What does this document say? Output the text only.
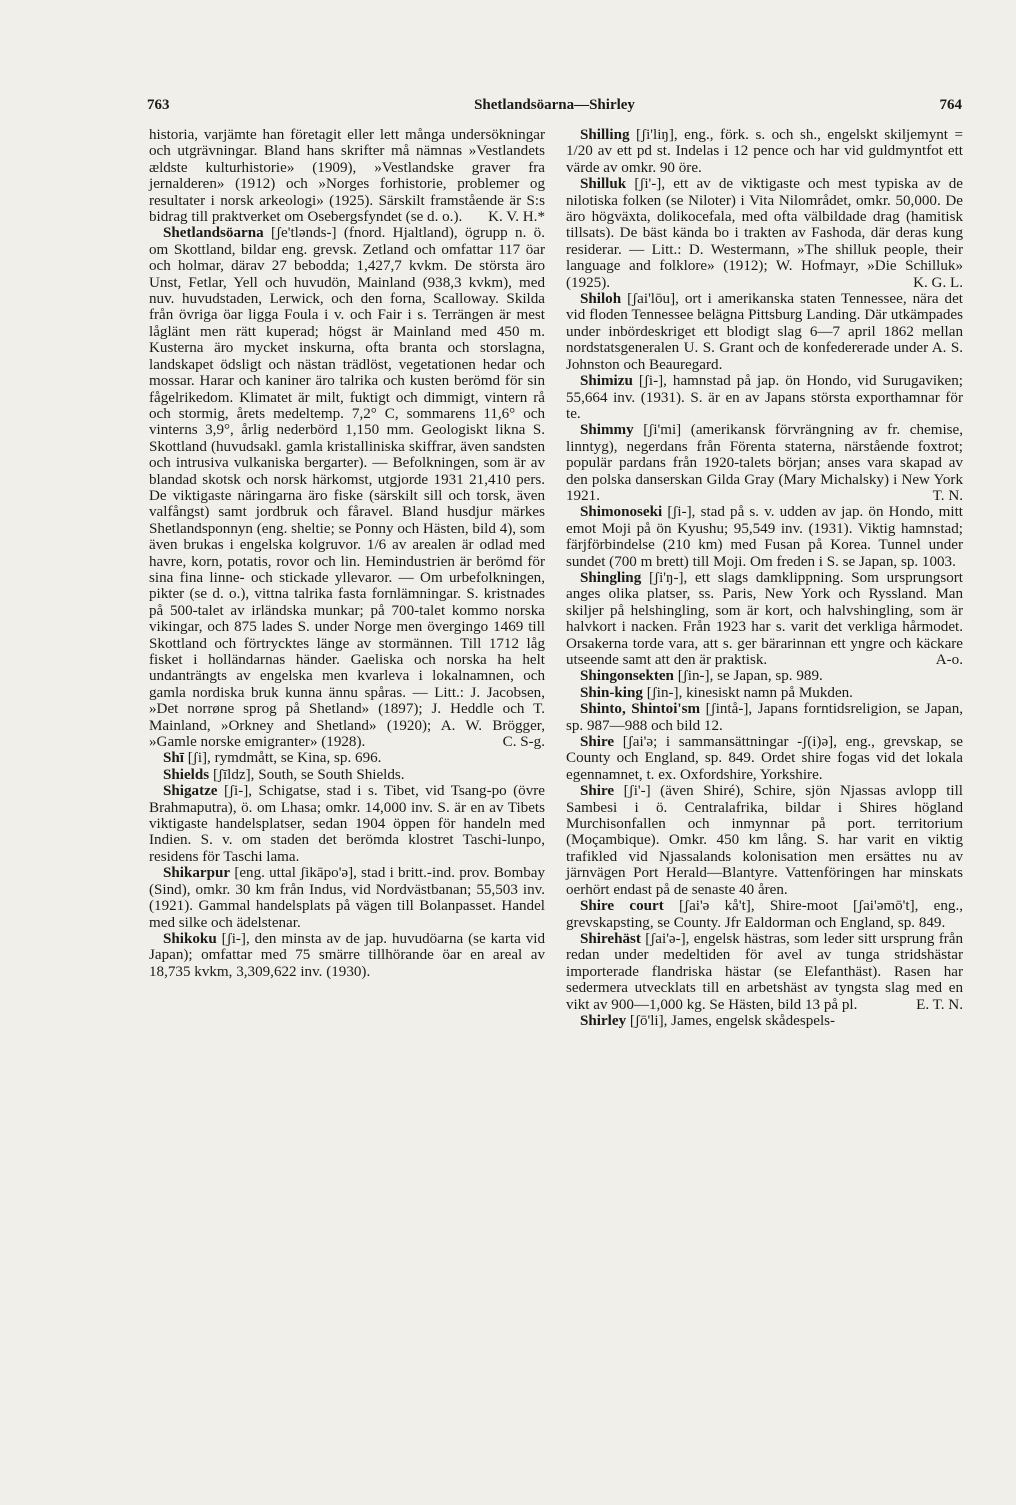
763	Shetlandsöarna—Shirley	764

historia, varjämte han företagit eller lett många undersökningar och utgrävningar. Bland hans skrifter må nämnas »Vestlandets ældste kulturhistorie» (1909), »Vestlandske graver fra jernalderen» (1912) och »Norges forhistorie, problemer og resultater i norsk arkeologi» (1925). Särskilt framstående är S:s bidrag till praktverket om Osebergsfyndet (se d. o.). K. V. H.*

Shetlandsöarna [ʃe'tlənds-] (fnord. Hjaltland), ögrupp n. ö. om Skottland, bildar eng. grevsk. Zetland och omfattar 117 öar och holmar, därav 27 bebodda; 1,427,7 kvkm. De största äro Unst, Fetlar, Yell och huvudön, Mainland (938,3 kvkm), med nuv. huvudstaden, Lerwick, och den forna, Scalloway. Skilda från övriga öar ligga Foula i v. och Fair i s. Terrängen är mest låglänt men rätt kuperad; högst är Mainland med 450 m. Kusterna äro mycket inskurna, ofta branta och storslagna, landskapet ödsligt och nästan trädlöst, vegetationen hedar och mossar. Harar och kaniner äro talrika och kusten berömd för sin fågelrikedom. Klimatet är milt, fuktigt och dimmigt, vintern rå och stormig, årets medeltemp. 7,2° C, sommarens 11,6° och vinterns 3,9°, årlig nederbörd 1,150 mm. Geologiskt likna S. Skottland (huvudsakl. gamla kristalliniska skiffrar, även sandsten och intrusiva vulkaniska bergarter). — Befolkningen, som är av blandad skotsk och norsk härkomst, utgjorde 1931 21,410 pers. De viktigaste näringarna äro fiske (särskilt sill och torsk, även valfångst) samt jordbruk och fåravel. Bland husdjur märkes Shetlandsponnyn (eng. sheltie; se Ponny och Hästen, bild 4), som även brukas i engelska kolgruvor. 1/6 av arealen är odlad med havre, korn, potatis, rovor och lin. Hemindustrien är berömd för sina fina linne- och stickade yllevaror. — Om urbefolkningen, pikter (se d. o.), vittna talrika fasta fornlämningar. S. kristnades på 500-talet av irländska munkar; på 700-talet kommo norska vikingar, och 875 lades S. under Norge men övergingo 1469 till Skottland och förtrycktes länge av stormännen. Till 1712 låg fisket i holländarnas händer. Gaeliska och norska ha helt undanträngts av engelska men kvarleva i lokalnamnen, och gamla nordiska bruk kunna ännu spåras. — Litt.: J. Jacobsen, »Det norrøne sprog på Shetland» (1897); J. Heddle och T. Mainland, »Orkney and Shetland» (1920); A. W. Brögger, »Gamle norske emigranter» (1928).	C. S-g.

Shī [ʃi], rymdmått, se Kina, sp. 696.

Shields [ʃīldz], South, se South Shields.

Shigatze [ʃi-], Schigatse, stad i s. Tibet, vid Tsang-po (övre Brahmaputra), ö. om Lhasa; omkr. 14,000 inv. S. är en av Tibets viktigaste handelsplatser, sedan 1904 öppen för handeln med Indien. S. v. om staden det berömda klostret Taschi-lunpo, residens för Taschi lama.

Shikarpur [eng. uttal ʃikāpo'ə], stad i britt.-ind. prov. Bombay (Sind), omkr. 30 km från Indus, vid Nordvästbanan; 55,503 inv. (1921). Gammal handelsplats på vägen till Bolanpasset. Handel med silke och ädelstenar.

Shikoku [ʃi-], den minsta av de jap. huvudöarna (se karta vid Japan); omfattar med 75 smärre tillhörande öar en areal av 18,735 kvkm, 3,309,622 inv. (1930).

Shilling [ʃi'liŋ], eng., förk. s. och sh., engelskt skiljemynt = 1/20 av ett pd st. Indelas i 12 pence och har vid guldmyntfot ett värde av omkr. 90 öre.

Shilluk [ʃi'-], ett av de viktigaste och mest typiska av de nilotiska folken (se Niloter) i Vita Nilområdet, omkr. 50,000. De äro högväxta, dolikocefala, med ofta välbildade drag (hamitisk tillsats). De bäst kända bo i trakten av Fashoda, där deras kung residerar. — Litt.: D. Westermann, »The shilluk people, their language and folklore» (1912); W. Hofmayr, »Die Schilluk» (1925).	K. G. L.

Shiloh [ʃai'lōu], ort i amerikanska staten Tennessee, nära det vid floden Tennessee belägna Pittsburg Landing. Där utkämpades under inbördeskriget ett blodigt slag 6—7 april 1862 mellan nordstatsgeneralen U. S. Grant och de konfedererade under A. S. Johnston och Beauregard.

Shimizu [ʃi-], hamnstad på jap. ön Hondo, vid Surugaviken; 55,664 inv. (1931). S. är en av Japans största exporthamnar för te.

Shimmy [ʃi'mi] (amerikansk förvrängning av fr. chemise, linntyg), negerdans från Förenta staterna, närstående foxtrot; populär pardans från 1920-talets början; anses vara skapad av den polska danserskan Gilda Gray (Mary Michalsky) i New York 1921.	T. N.

Shimonoseki [ʃi-], stad på s. v. udden av jap. ön Hondo, mitt emot Moji på ön Kyushu; 95,549 inv. (1931). Viktig hamnstad; färjförbindelse (210 km) med Fusan på Korea. Tunnel under sundet (700 m brett) till Moji. Om freden i S. se Japan, sp. 1003.

Shingling [ʃi'ŋ-], ett slags damklippning. Som ursprungsort anges olika platser, ss. Paris, New York och Ryssland. Man skiljer på helshingling, som är kort, och halvshingling, som är halvkort i nacken. Från 1923 har s. varit det verkliga hårmodet. Orsakerna torde vara, att s. ger bärarinnan ett yngre och käckare utseende samt att den är praktisk.	A-o.

Shingonsekten [ʃin-], se Japan, sp. 989.

Shin-king [ʃin-], kinesiskt namn på Mukden.

Shinto, Shintoi'sm [ʃintå-], Japans forntidsreligion, se Japan, sp. 987—988 och bild 12.

Shire [ʃai'ə; i sammansättningar -ʃ(i)ə], eng., grevskap, se County och England, sp. 849. Ordet shire fogas vid det lokala egennamnet, t. ex. Oxfordshire, Yorkshire.

Shire [ʃi'-] (även Shiré), Schire, sjön Njassas avlopp till Sambesi i ö. Centralafrika, bildar i Shires högland Murchisonfallen och inmynnar på port. territorium (Moçambique). Omkr. 450 km lång. S. har varit en viktig trafikled vid Njassalands kolonisation men ersättes nu av järnvägen Port Herald—Blantyre. Vattenföringen har minskats oerhört endast på de senaste 40 åren.

Shire court [ʃai'ə kå't], Shire-moot [ʃai'əmō't], eng., grevskapsting, se County. Jfr Ealdorman och England, sp. 849.

Shirehäst [ʃai'ə-], engelsk hästras, som leder sitt ursprung från redan under medeltiden för avel av tunga stridshästar importerade flandriska hästar (se Elefanthäst). Rasen har sedermera utvecklats till en arbetshäst av tyngsta slag med en vikt av 900—1,000 kg. Se Hästen, bild 13 på pl.	E. T. N.

Shirley [ʃō'li], James, engelsk skådespels-
